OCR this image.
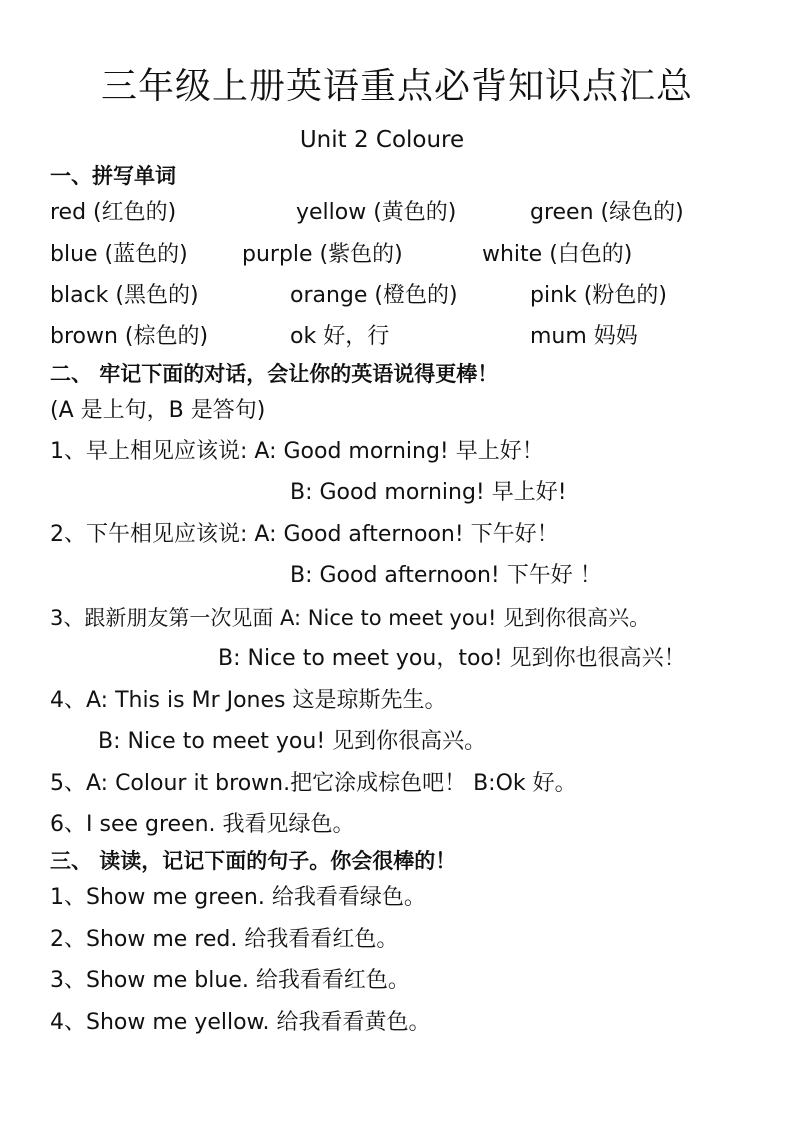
三年级上册英语重点必背知识点汇总
Unit 2 Coloure
一、拼写单词
red (红色的)	yellow (黄色的)	green (绿色的)
blue (蓝色的) purple (紫色的)	white (白色的)
black (黑色的)	orange (橙色的)	pink (粉色的)
brown (棕色的)	ok 好，行	mum 妈妈
二、 牢记下面的对话，会让你的英语说得更棒！
(A 是上句，B 是答句)
1、早上相见应该说: A: Good morning! 早上好！
B: Good morning! 早上好!
2、下午相见应该说: A: Good afternoon! 下午好！
B: Good afternoon! 下午好 ！
3、跟新朋友第一次见面 A: Nice to meet you! 见到你很高兴。
B: Nice to meet you，too! 见到你也很高兴！
4、A: This is Mr Jones 这是琼斯先生。
B: Nice to meet you! 见到你很高兴。
5、A: Colour it brown.把它涂成棕色吧！ B:Ok 好。
6、I see green. 我看见绿色。
三、 读读，记记下面的句子。你会很棒的！
1、Show me green. 给我看看绿色。
2、Show me red. 给我看看红色。
3、Show me blue. 给我看看红色。
4、Show me yellow. 给我看看黄色。
